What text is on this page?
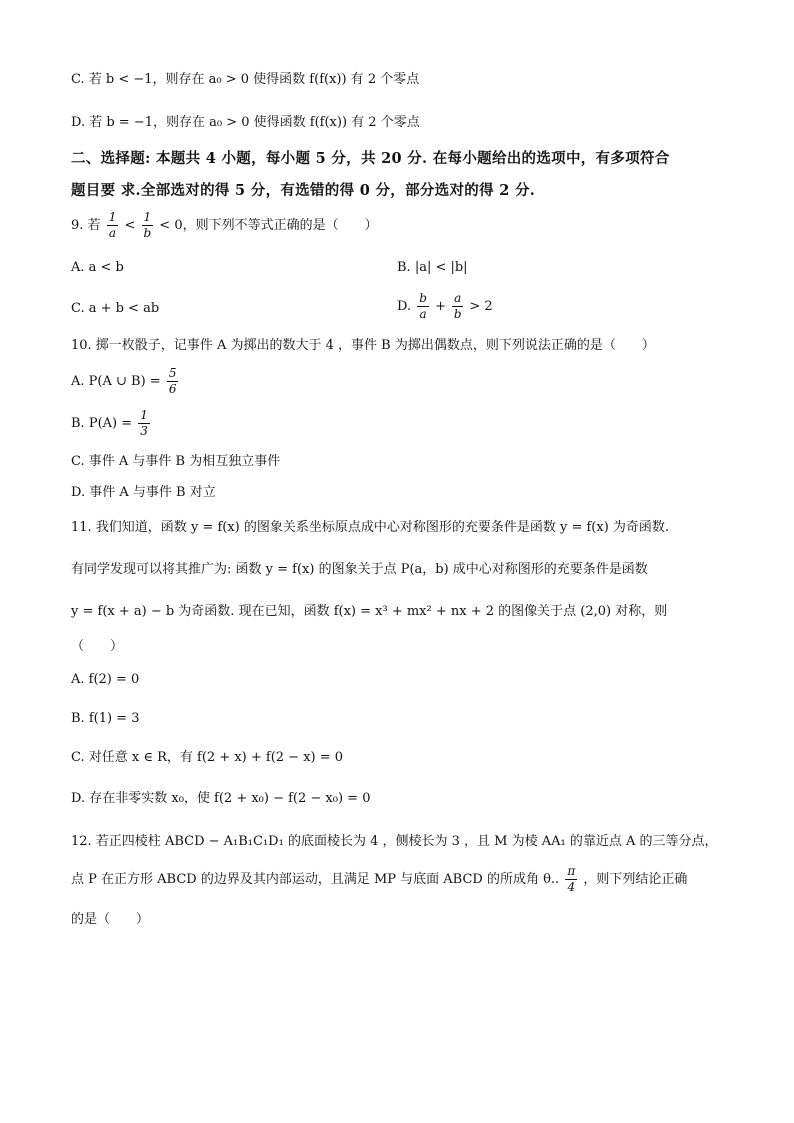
C. 若 b < −1，则存在 a₀ > 0 使得函数 f(f(x)) 有 2 个零点
D. 若 b = −1，则存在 a₀ > 0 使得函数 f(f(x)) 有 2 个零点
二、选择题: 本题共 4 小题，每小题 5 分，共 20 分. 在每小题给出的选项中，有多项符合
题目要 求.全部选对的得 5 分，有选错的得 0 分，部分选对的得 2 分.
9. 若 $\frac{1}{a} < \frac{1}{b} < 0$，则下列不等式正确的是（　　）
A. a < b	B. |a| < |b|
C. a + b < ab	D. $\frac{b}{a} + \frac{a}{b} > 2$
10. 掷一枚骰子，记事件 A 为掷出的数大于 4 ，事件 B 为掷出偶数点，则下列说法正确的是（　　）
A. P(A ∪ $B) = \frac{5}{6}$
B. $P(A) = \frac{1}{3}$
C. 事件 A 与事件 B 为相互独立事件
D. 事件 A 与事件 B 对立
11. 我们知道，函数 y = f(x) 的图象关系坐标原点成中心对称图形的充要条件是函数 y = f(x) 为奇函数.
有同学发现可以将其推广为: 函数 y = f(x) 的图象关于点 P(a，b) 成中心对称图形的充要条件是函数
y = f(x + a) − b 为奇函数. 现在已知，函数 f(x) = x³ + mx² + nx + 2 的图像关于点 (2,0) 对称，则
（　　）
A. f(2) = 0
B. f(1) = 3
C. 对任意 x ∈ R，有 f(2 + x) + f(2 − x) = 0
D. 存在非零实数 x₀，使 f(2 + x₀) − f(2 − x₀) = 0
12. 若正四棱柱 ABCD − A₁B₁C₁D₁ 的底面棱长为 4 ，侧棱长为 3 ，且 M 为棱 AA₁ 的靠近点 A 的三等分点，
点 P 在正方形 ABCD 的边界及其内部运动，且满足 MP 与底面 ABCD 的所成角 θ.. $\frac{\pi}{4}$ ，则下列结论正确
的是（　　）
